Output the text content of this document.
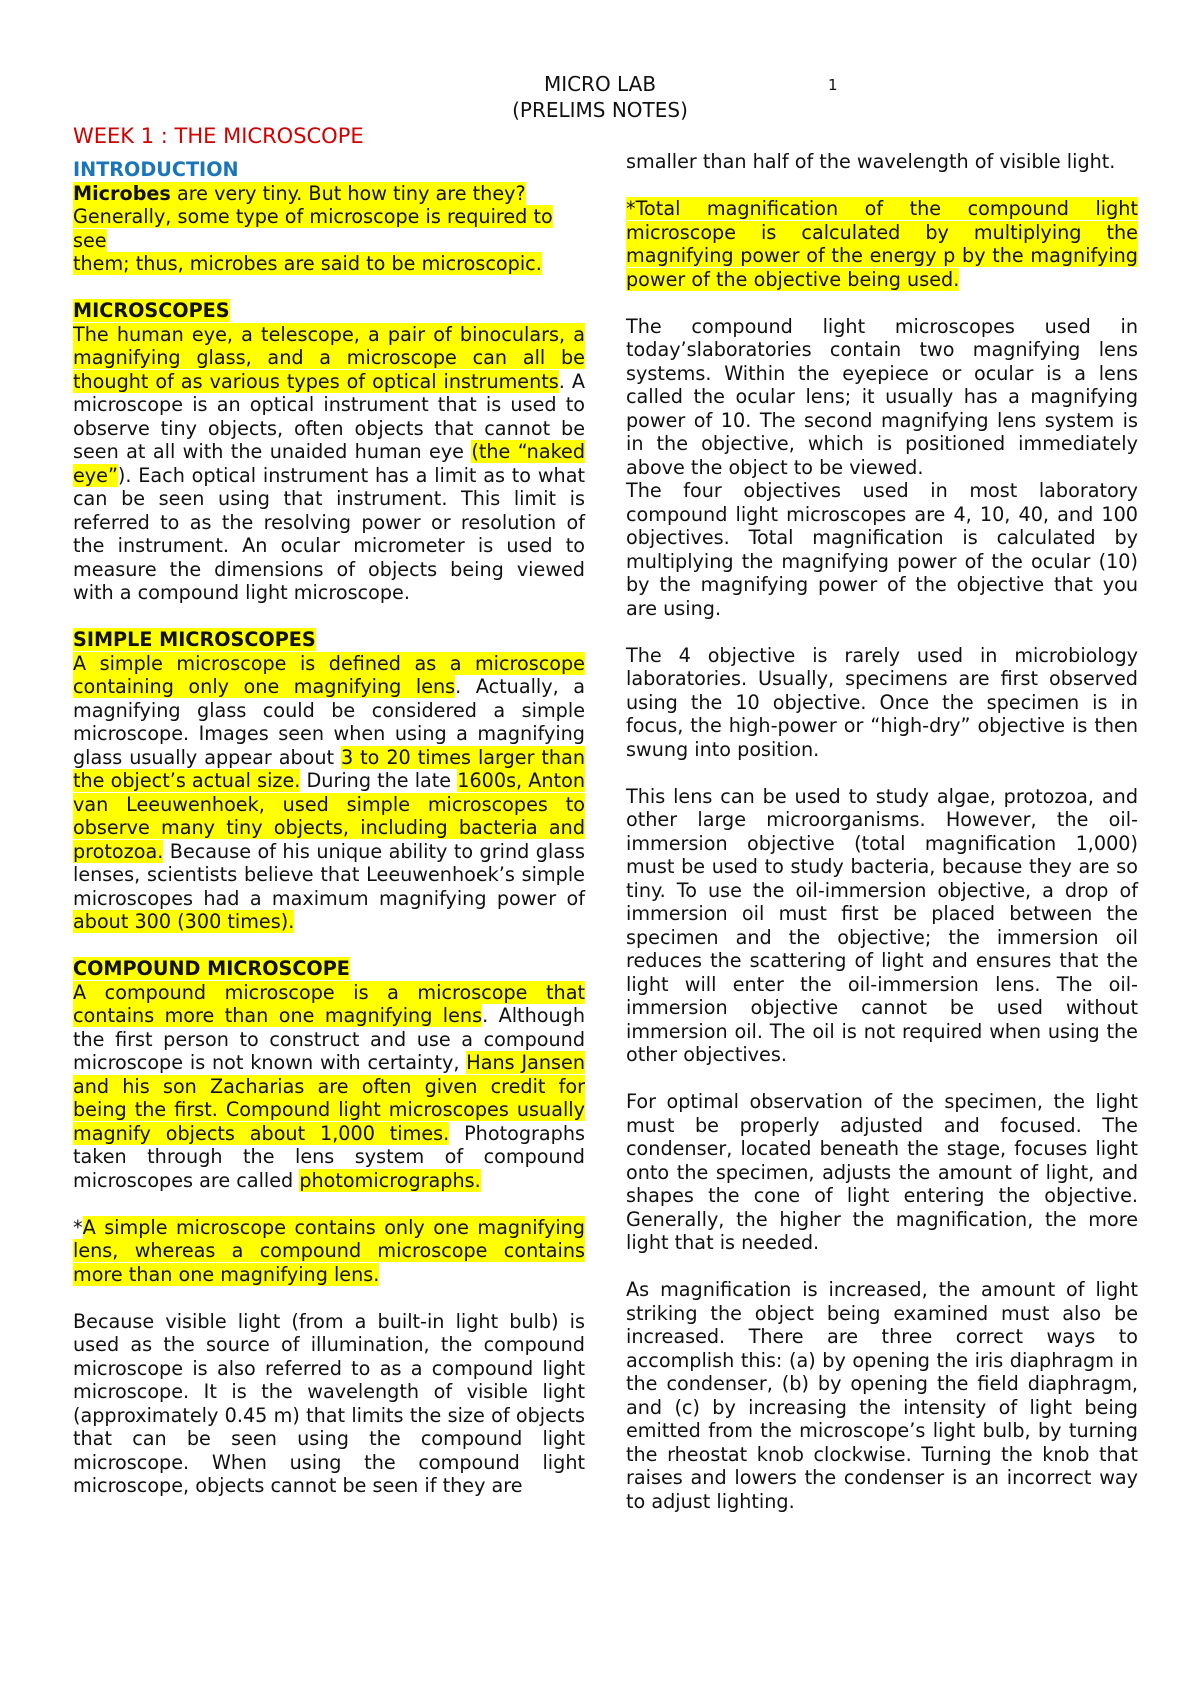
MICRO LAB
(PRELIMS NOTES)
1
WEEK 1 : THE MICROSCOPE

INTRODUCTION

Microbes are very tiny. But how tiny are they?

Generally, some type of microscope is required to see

them; thus, microbes are said to be microscopic.

MICROSCOPES

The human eye, a telescope, a pair of binoculars, a magnifying glass, and a microscope can all be thought of as various types of optical instruments. A microscope is an optical instrument that is used to observe tiny objects, often objects that cannot be seen at all with the unaided human eye (the “naked eye”). Each optical instrument has a limit as to what can be seen using that instrument. This limit is referred to as the resolving power or resolution of the instrument. An ocular micrometer is used to measure the dimensions of objects being viewed with a compound light microscope.

SIMPLE MICROSCOPES

A simple microscope is defined as a microscope containing only one magnifying lens. Actually, a magnifying glass could be considered a simple microscope. Images seen when using a magnifying glass usually appear about 3 to 20 times larger than the object’s actual size. During the late 1600s, Anton van Leeuwenhoek, used simple microscopes to observe many tiny objects, including bacteria and protozoa. Because of his unique ability to grind glass lenses, scientists believe that Leeuwenhoek’s simple microscopes had a maximum magnifying power of about 300 (300 times).

COMPOUND MICROSCOPE

A compound microscope is a microscope that contains more than one magnifying lens. Although the first person to construct and use a compound microscope is not known with certainty, Hans Jansen and his son Zacharias are often given credit for being the first. Compound light microscopes usually magnify objects about 1,000 times. Photographs taken through the lens system of compound microscopes are called photomicrographs.

*A simple microscope contains only one magnifying lens, whereas a compound microscope contains more than one magnifying lens.

Because visible light (from a built-in light bulb) is used as the source of illumination, the compound microscope is also referred to as a compound light microscope. It is the wavelength of visible light (approximately 0.45 m) that limits the size of objects that can be seen using the compound light microscope. When using the compound light microscope, objects cannot be seen if they are

smaller than half of the wavelength of visible light.

*Total magnification of the compound light microscope is calculated by multiplying the magnifying power of the energy p by the magnifying power of the objective being used.

The compound light microscopes used in today’slaboratories contain two magnifying lens systems. Within the eyepiece or ocular is a lens called the ocular lens; it usually has a magnifying power of 10. The second magnifying lens system is in the objective, which is positioned immediately above the object to be viewed.

The four objectives used in most laboratory compound light microscopes are 4, 10, 40, and 100 objectives. Total magnification is calculated by multiplying the magnifying power of the ocular (10) by the magnifying power of the objective that you are using.

The 4 objective is rarely used in microbiology laboratories. Usually, specimens are first observed using the 10 objective. Once the specimen is in focus, the high-power or “high-dry” objective is then swung into position.

This lens can be used to study algae, protozoa, and other large microorganisms. However, the oil-immersion objective (total magnification 1,000) must be used to study bacteria, because they are so tiny. To use the oil-immersion objective, a drop of immersion oil must first be placed between the specimen and the objective; the immersion oil reduces the scattering of light and ensures that the light will enter the oil-immersion lens. The oil-immersion objective cannot be used without immersion oil. The oil is not required when using the other objectives.

For optimal observation of the specimen, the light must be properly adjusted and focused. The condenser, located beneath the stage, focuses light onto the specimen, adjusts the amount of light, and shapes the cone of light entering the objective. Generally, the higher the magnification, the more light that is needed.

As magnification is increased, the amount of light striking the object being examined must also be increased. There are three correct ways to accomplish this: (a) by opening the iris diaphragm in the condenser, (b) by opening the field diaphragm, and (c) by increasing the intensity of light being emitted from the microscope’s light bulb, by turning the rheostat knob clockwise. Turning the knob that raises and lowers the condenser is an incorrect way to adjust lighting.
